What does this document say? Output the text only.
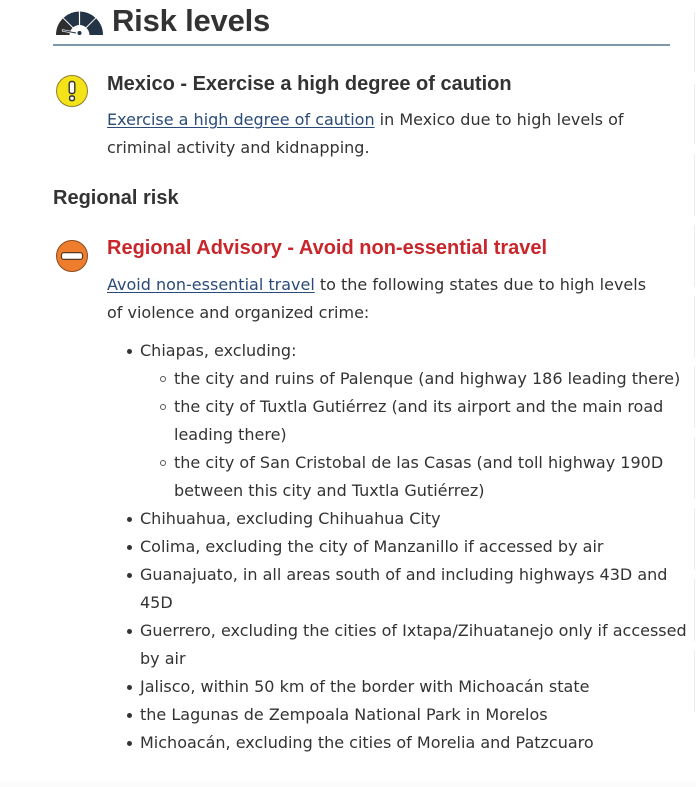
Risk levels
Mexico - Exercise a high degree of caution
Exercise a high degree of caution in Mexico due to high levels of criminal activity and kidnapping.
Regional risk
Regional Advisory - Avoid non-essential travel
Avoid non-essential travel to the following states due to high levels of violence and organized crime:
Chiapas, excluding:
the city and ruins of Palenque (and highway 186 leading there)
the city of Tuxtla Gutiérrez (and its airport and the main road leading there)
the city of San Cristobal de las Casas (and toll highway 190D between this city and Tuxtla Gutiérrez)
Chihuahua, excluding Chihuahua City
Colima, excluding the city of Manzanillo if accessed by air
Guanajuato, in all areas south of and including highways 43D and 45D
Guerrero, excluding the cities of Ixtapa/Zihuatanejo only if accessed by air
Jalisco, within 50 km of the border with Michoacán state
the Lagunas de Zempoala National Park in Morelos
Michoacán, excluding the cities of Morelia and Patzcuaro
